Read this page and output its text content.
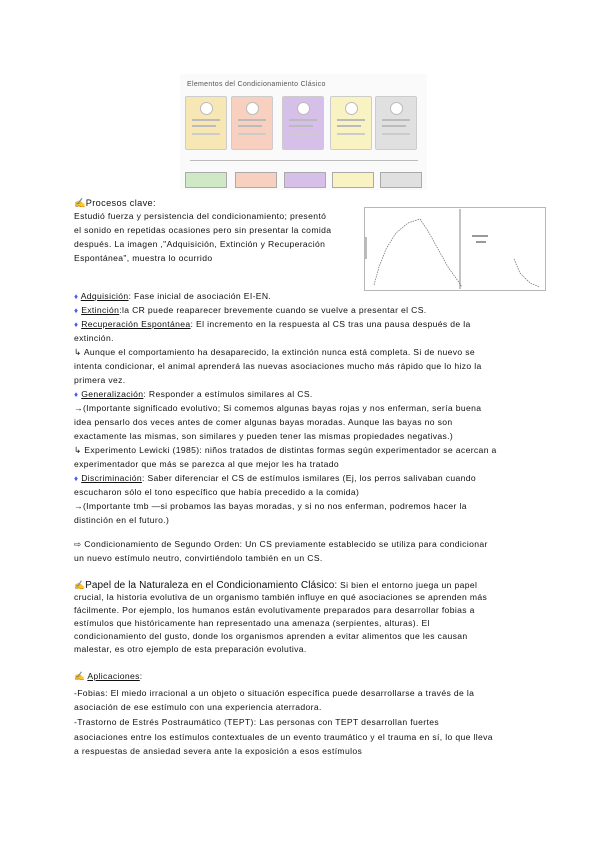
Elementos del Condicionamiento Clásico
✍Procesos clave:
Estudió fuerza y persistencia del condicionamiento; presentó
el sonido en repetidas ocasiones pero sin presentar la comida
después. La imagen ,"Adquisición, Extinción y Recuperación
Espontánea", muestra lo ocurrido
♦ Adquisición: Fase inicial de asociación EI-EN.
♦ Extinción:la CR puede reaparecer brevemente cuando se vuelve a presentar el CS.
♦ Recuperación Espontánea: El incremento en la respuesta al CS tras una pausa después de la
extinción.
↳ Aunque el comportamiento ha desaparecido, la extinción nunca está completa. Si de nuevo se
intenta condicionar, el animal aprenderá las nuevas asociaciones mucho más rápido que lo hizo la
primera vez.
♦ Generalización: Responder a estímulos similares al CS.
→(Importante significado evolutivo; Si comemos algunas bayas rojas y nos enferman, sería buena
idea pensarlo dos veces antes de comer algunas bayas moradas. Aunque las bayas no son
exactamente las mismas, son similares y pueden tener las mismas propiedades negativas.)
↳ Experimento Lewicki (1985): niños tratados de distintas formas según experimentador se acercan a
experimentador que más se parezca al que mejor les ha tratado
♦ Discriminación: Saber diferenciar el CS de estímulos ismilares (Ej, los perros salivaban cuando
escucharon sólo el tono específico que había precedido a la comida)
→(Importante tmb —si probamos las bayas moradas, y si no nos enferman, podremos hacer la
distinción en el futuro.)
⇨ Condicionamiento de Segundo Orden: Un CS previamente establecido se utiliza para condicionar
un nuevo estímulo neutro, convirtiéndolo también en un CS.
✍Papel de la Naturaleza en el Condicionamiento Clásico: Si bien el entorno juega un papel
crucial, la historia evolutiva de un organismo también influye en qué asociaciones se aprenden más
fácilmente. Por ejemplo, los humanos están evolutivamente preparados para desarrollar fobias a
estímulos que históricamente han representado una amenaza (serpientes, alturas). El
condicionamiento del gusto, donde los organismos aprenden a evitar alimentos que les causan
malestar, es otro ejemplo de esta preparación evolutiva.
✍ Aplicaciones:
-Fobias: El miedo irracional a un objeto o situación específica puede desarrollarse a través de la
asociación de ese estímulo con una experiencia aterradora.
-Trastorno de Estrés Postraumático (TEPT): Las personas con TEPT desarrollan fuertes
asociaciones entre los estímulos contextuales de un evento traumático y el trauma en sí, lo que lleva
a respuestas de ansiedad severa ante la exposición a esos estímulos
